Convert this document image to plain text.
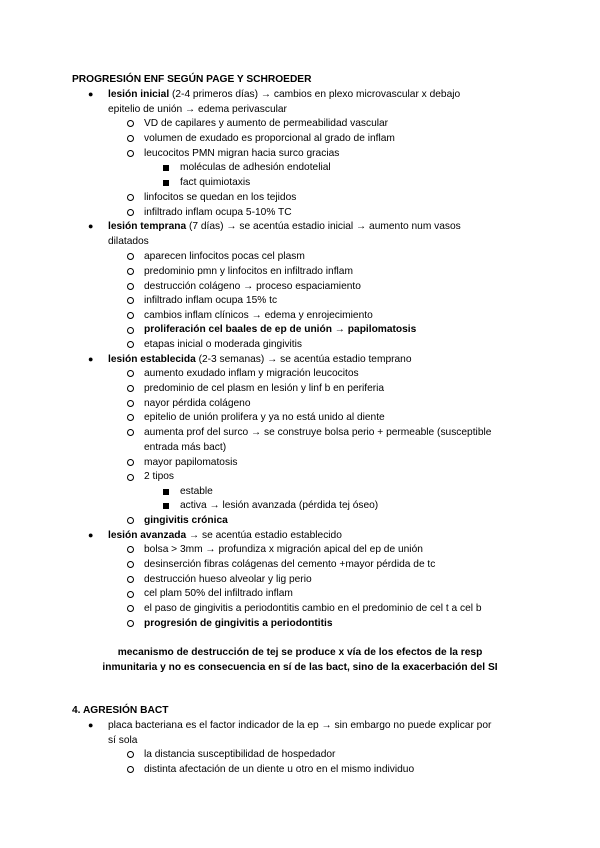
PROGRESIÓN ENF SEGÚN PAGE Y SCHROEDER
● lesión inicial (2-4 primeros días) → cambios en plexo microvascular x debajo
epitelio de unión → edema perivascular
VD de capilares y aumento de permeabilidad vascular
volumen de exudado es proporcional al grado de inflam
leucocitos PMN migran hacia surco gracias
moléculas de adhesión endotelial
fact quimiotaxis
linfocitos se quedan en los tejidos
infiltrado inflam ocupa 5-10% TC
● lesión temprana (7 días) → se acentúa estadio inicial → aumento num vasos
dilatados
aparecen linfocitos pocas cel plasm
predominio pmn y linfocitos en infiltrado inflam
destrucción colágeno → proceso espaciamiento
infiltrado inflam ocupa 15% tc
cambios inflam clínicos → edema y enrojecimiento
proliferación cel baales de ep de unión → papilomatosis
etapas inicial o moderada gingivitis
● lesión establecida (2-3 semanas) → se acentúa estadio temprano
aumento exudado inflam y migración leucocitos
predominio de cel plasm en lesión y linf b en periferia
nayor pérdida colágeno
epitelio de unión prolifera y ya no está unido al diente
aumenta prof del surco → se construye bolsa perio + permeable (susceptible
entrada más bact)
mayor papilomatosis
2 tipos
estable
activa → lesión avanzada (pérdida tej óseo)
gingivitis crónica
● lesión avanzada → se acentúa estadio establecido
bolsa > 3mm → profundiza x migración apical del ep de unión
desinserción fibras colágenas del cemento +mayor pérdida de tc
destrucción hueso alveolar y lig perio
cel plam 50% del infiltrado inflam
el paso de gingivitis a periodontitis cambio en el predominio de cel t a cel b
progresión de gingivitis a periodontitis
mecanismo de destrucción de tej se produce x vía de los efectos de la resp
inmunitaria y no es consecuencia en sí de las bact, sino de la exacerbación del SI
4. AGRESIÓN BACT
● placa bacteriana es el factor indicador de la ep → sin embargo no puede explicar por
sí sola
la distancia susceptibilidad de hospedador
distinta afectación de un diente u otro en el mismo individuo
